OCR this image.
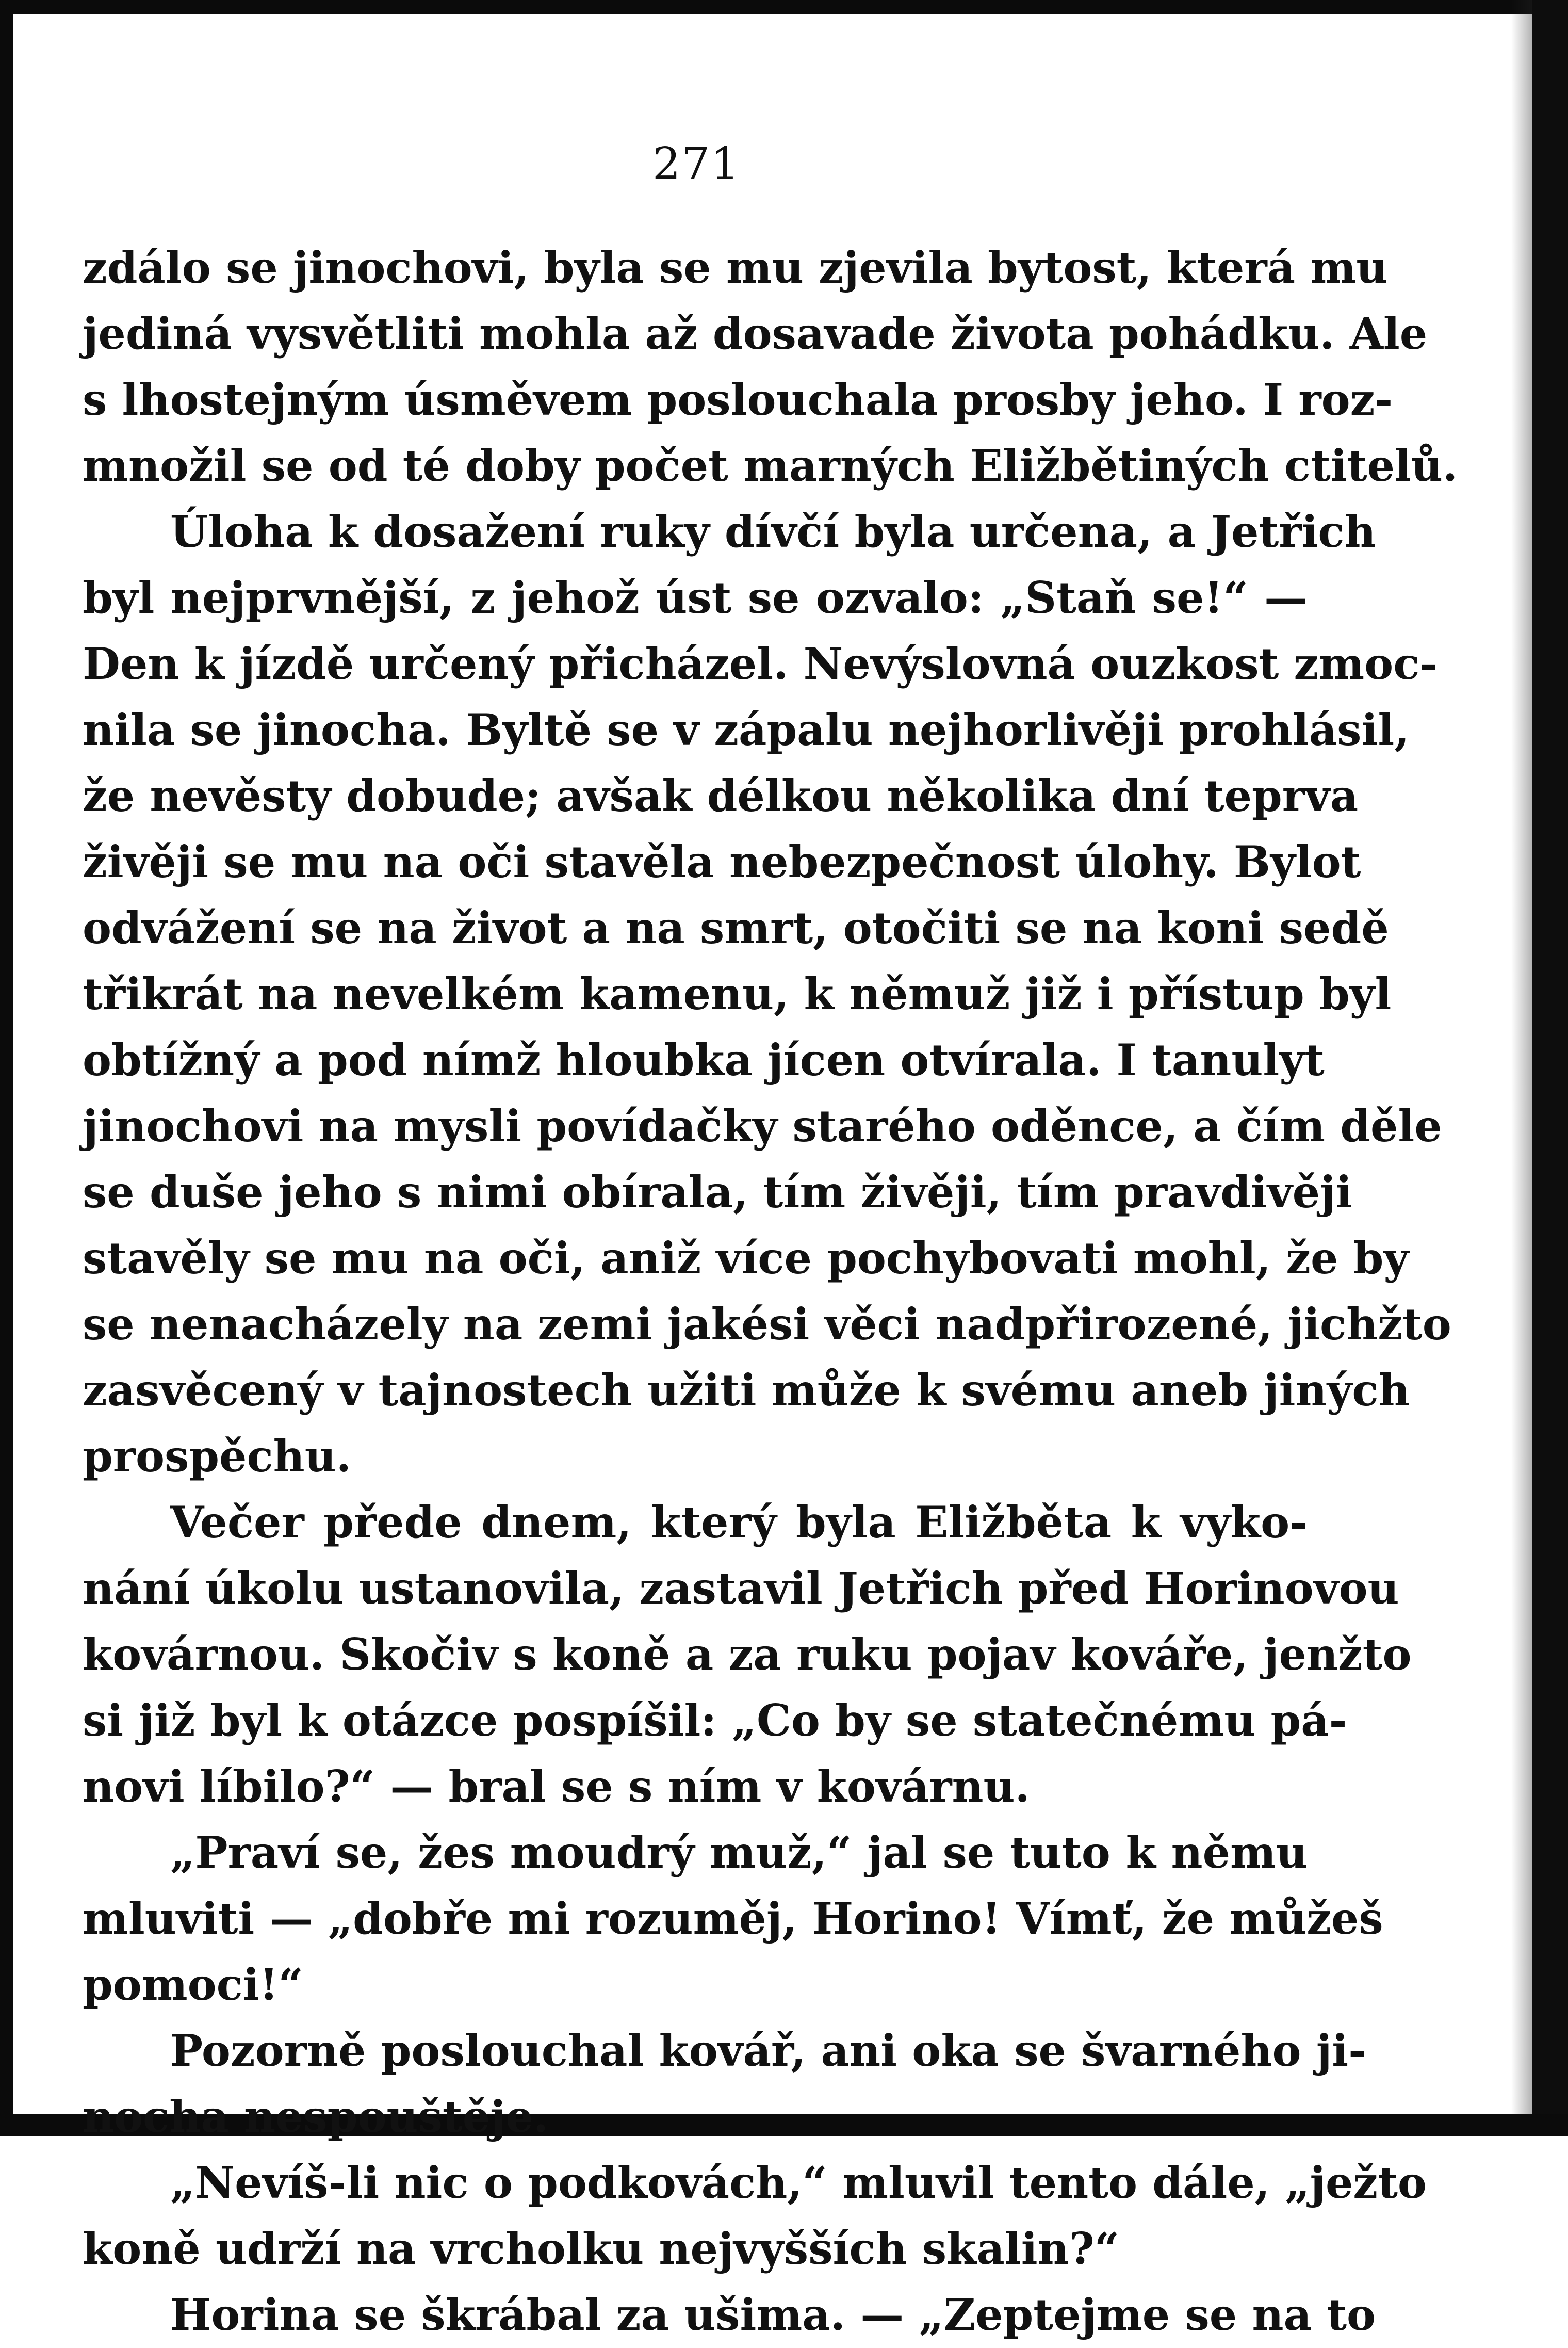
271
zdálo se jinochovi, byla se mu zjevila bytost, která mu
jediná vysvětliti mohla až dosavade života pohádku. Ale
s lhostejným úsměvem poslouchala prosby jeho. I roz-
množil se od té doby počet marných Eližbětiných ctitelů.
Úloha k dosažení ruky dívčí byla určena, a Jetřich
byl nejprvnější, z jehož úst se ozvalo: „Staň se!“ —
Den k jízdě určený přicházel. Nevýslovná ouzkost zmoc-
nila se jinocha. Byltě se v zápalu nejhorlivěji prohlásil,
že nevěsty dobude; avšak délkou několika dní teprva
živěji se mu na oči stavěla nebezpečnost úlohy. Bylot
odvážení se na život a na smrt, otočiti se na koni sedě
třikrát na nevelkém kamenu, k němuž již i přístup byl
obtížný a pod nímž hloubka jícen otvírala. I tanulyt
jinochovi na mysli povídačky starého oděnce, a čím děle
se duše jeho s nimi obírala, tím živěji, tím pravdivěji
stavěly se mu na oči, aniž více pochybovati mohl, že by
se nenacházely na zemi jakési věci nadpřirozené, jichžto
zasvěcený v tajnostech užiti může k svému aneb jiných
prospěchu.
Večer přede dnem, který byla Eližběta k vyko-
nání úkolu ustanovila, zastavil Jetřich před Horinovou
kovárnou. Skočiv s koně a za ruku pojav kováře, jenžto
si již byl k otázce pospíšil: „Co by se statečnému pá-
novi líbilo?“ — bral se s ním v kovárnu.
„Praví se, žes moudrý muž,“ jal se tuto k němu
mluviti — „dobře mi rozuměj, Horino! Vímť, že můžeš
pomoci!“
Pozorně poslouchal kovář, ani oka se švarného ji-
nocha nespouštěje.
„Nevíš-li nic o podkovách,“ mluvil tento dále, „ježto
koně udrží na vrcholku nejvyšších skalin?“
Horina se škrábal za ušima. — „Zeptejme se na to
